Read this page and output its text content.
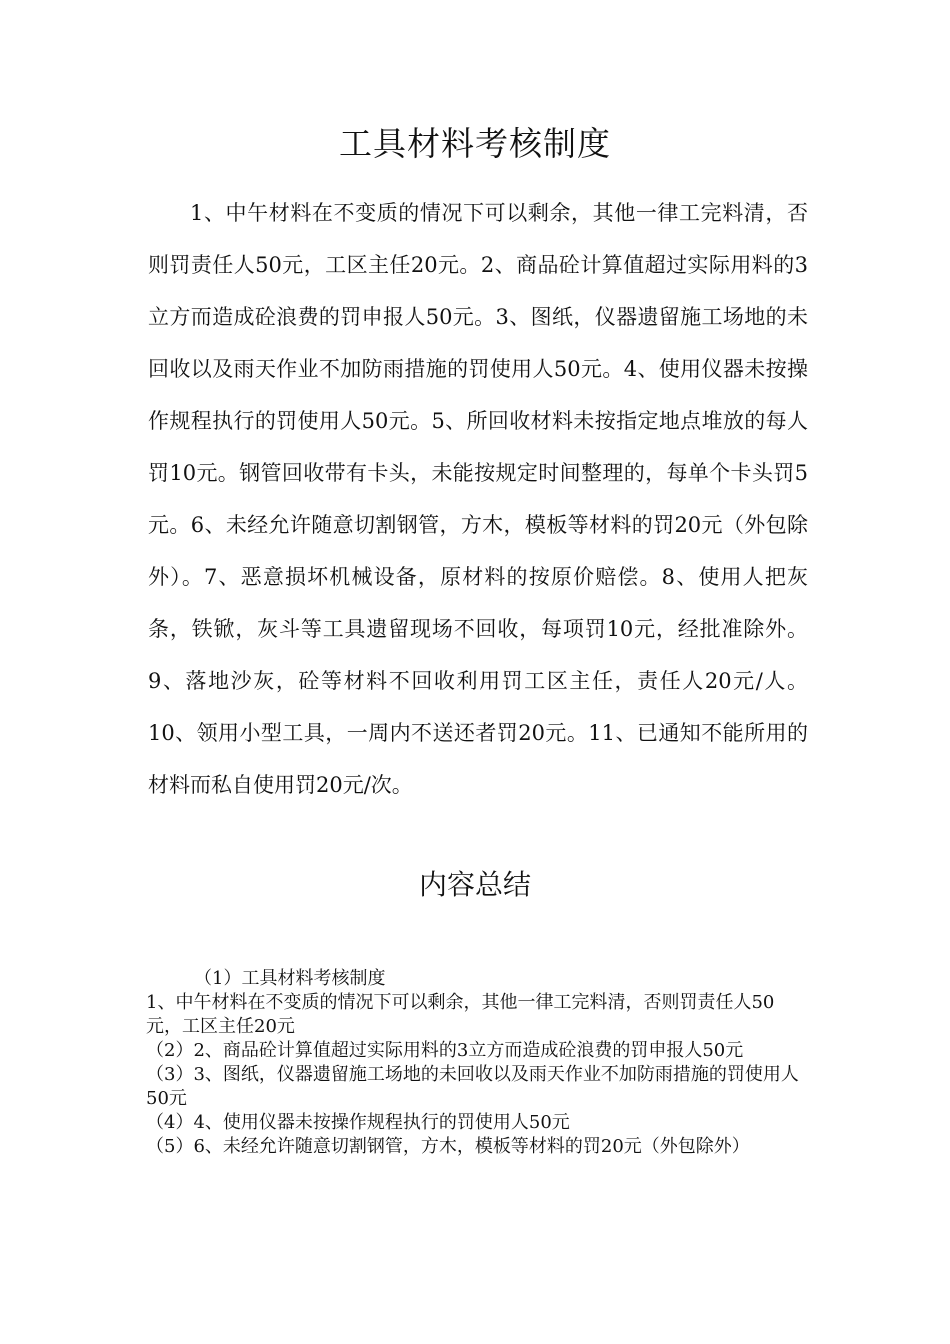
工具材料考核制度

1、中午材料在不变质的情况下可以剩余，其他一律工完料清，否则罚责任人50元，工区主任20元。2、商品砼计算值超过实际用料的3立方而造成砼浪费的罚申报人50元。3、图纸，仪器遗留施工场地的未回收以及雨天作业不加防雨措施的罚使用人50元。4、使用仪器未按操作规程执行的罚使用人50元。5、所回收材料未按指定地点堆放的每人罚10元。钢管回收带有卡头，未能按规定时间整理的，每单个卡头罚5元。6、未经允许随意切割钢管，方木，模板等材料的罚20元（外包除外）。7、恶意损坏机械设备，原材料的按原价赔偿。8、使用人把灰条，铁锨，灰斗等工具遗留现场不回收，每项罚10元，经批准除外。9、落地沙灰，砼等材料不回收利用罚工区主任，责任人20元/人。10、领用小型工具，一周内不送还者罚20元。11、已通知不能所用的材料而私自使用罚20元/次。

内容总结

（1）工具材料考核制度

1、中午材料在不变质的情况下可以剩余，其他一律工完料清，否则罚责任人50元，工区主任20元

（2）2、商品砼计算值超过实际用料的3立方而造成砼浪费的罚申报人50元

（3）3、图纸，仪器遗留施工场地的未回收以及雨天作业不加防雨措施的罚使用人50元

（4）4、使用仪器未按操作规程执行的罚使用人50元

（5）6、未经允许随意切割钢管，方木，模板等材料的罚20元（外包除外）
